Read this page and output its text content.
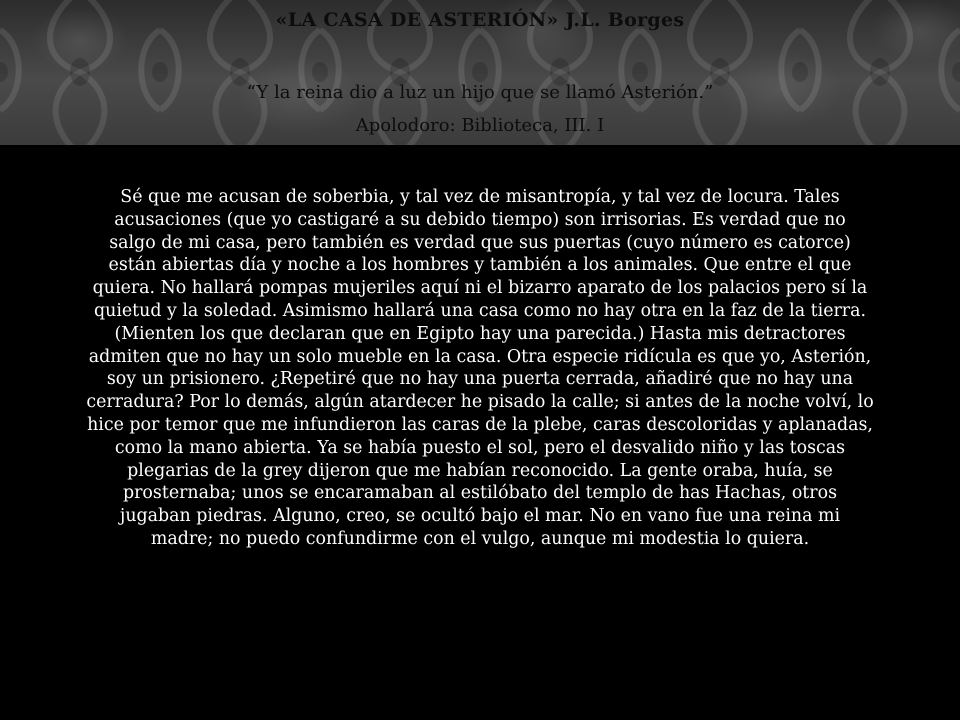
«LA CASA DE ASTERIÓN» J.L. Borges
“Y la reina dio a luz un hijo que se llamó Asterión.”
Apolodoro: Biblioteca, III. I

Sé que me acusan de soberbia, y tal vez de misantropía, y tal vez de locura. Tales
acusaciones (que yo castigaré a su debido tiempo) son irrisorias. Es verdad que no
salgo de mi casa, pero también es verdad que sus puertas (cuyo número es catorce)
están abiertas día y noche a los hombres y también a los animales. Que entre el que
quiera. No hallará pompas mujeriles aquí ni el bizarro aparato de los palacios pero sí la
quietud y la soledad. Asimismo hallará una casa como no hay otra en la faz de la tierra.
(Mienten los que declaran que en Egipto hay una parecida.) Hasta mis detractores
admiten que no hay un solo mueble en la casa. Otra especie ridícula es que yo, Asterión,
soy un prisionero. ¿Repetiré que no hay una puerta cerrada, añadiré que no hay una
cerradura? Por lo demás, algún atardecer he pisado la calle; si antes de la noche volví, lo
hice por temor que me infundieron las caras de la plebe, caras descoloridas y aplanadas,
como la mano abierta. Ya se había puesto el sol, pero el desvalido niño y las toscas
plegarias de la grey dijeron que me habían reconocido. La gente oraba, huía, se
prosternaba; unos se encaramaban al estilóbato del templo de has Hachas, otros
jugaban piedras. Alguno, creo, se ocultó bajo el mar. No en vano fue una reina mi
madre; no puedo confundirme con el vulgo, aunque mi modestia lo quiera.
